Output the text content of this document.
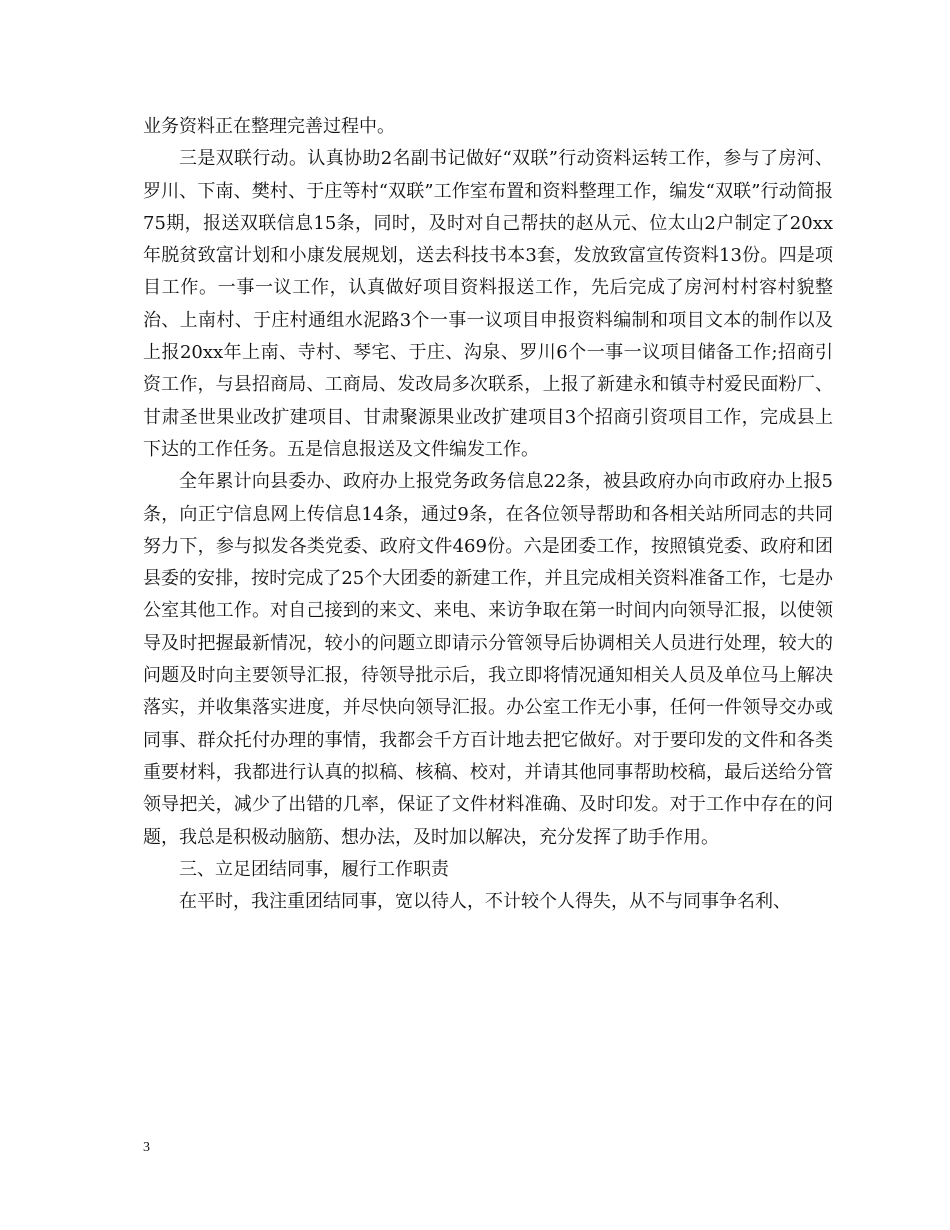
业务资料正在整理完善过程中。

三是双联行动。认真协助2名副书记做好“双联”行动资料运转工作，参与了房河、罗川、下南、樊村、于庄等村“双联”工作室布置和资料整理工作，编发“双联”行动简报75期，报送双联信息15条，同时，及时对自己帮扶的赵从元、位太山2户制定了20xx年脱贫致富计划和小康发展规划，送去科技书本3套，发放致富宣传资料13份。四是项目工作。一事一议工作，认真做好项目资料报送工作，先后完成了房河村村容村貌整治、上南村、于庄村通组水泥路3个一事一议项目申报资料编制和项目文本的制作以及上报20xx年上南、寺村、琴宅、于庄、沟泉、罗川6个一事一议项目储备工作;招商引资工作，与县招商局、工商局、发改局多次联系，上报了新建永和镇寺村爱民面粉厂、甘肃圣世果业改扩建项目、甘肃聚源果业改扩建项目3个招商引资项目工作，完成县上下达的工作任务。五是信息报送及文件编发工作。

全年累计向县委办、政府办上报党务政务信息22条，被县政府办向市政府办上报5条，向正宁信息网上传信息14条，通过9条，在各位领导帮助和各相关站所同志的共同努力下，参与拟发各类党委、政府文件469份。六是团委工作，按照镇党委、政府和团县委的安排，按时完成了25个大团委的新建工作，并且完成相关资料准备工作，七是办公室其他工作。对自己接到的来文、来电、来访争取在第一时间内向领导汇报，以使领导及时把握最新情况，较小的问题立即请示分管领导后协调相关人员进行处理，较大的问题及时向主要领导汇报，待领导批示后，我立即将情况通知相关人员及单位马上解决落实，并收集落实进度，并尽快向领导汇报。办公室工作无小事，任何一件领导交办或同事、群众托付办理的事情，我都会千方百计地去把它做好。对于要印发的文件和各类重要材料，我都进行认真的拟稿、核稿、校对，并请其他同事帮助校稿，最后送给分管领导把关，减少了出错的几率，保证了文件材料准确、及时印发。对于工作中存在的问题，我总是积极动脑筋、想办法，及时加以解决，充分发挥了助手作用。

三、立足团结同事，履行工作职责

在平时，我注重团结同事，宽以待人，不计较个人得失，从不与同事争名利、

3
